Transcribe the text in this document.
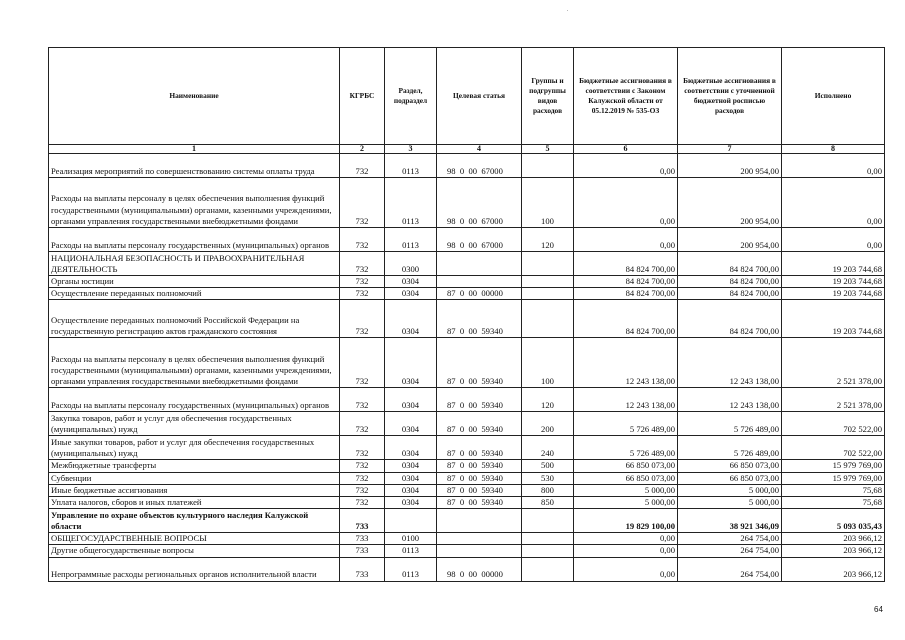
Наименование	КГРБС	Раздел, подраздел	Целевая статья	Группы и подгруппы видов расходов	Бюджетные ассигнования в соответствии с Законом Калужской области от 05.12.2019 № 535-ОЗ	Бюджетные ассигнования в соответствии с уточненной бюджетной росписью расходов	Исполнено
1	2	3	4	5	6	7	8
Реализация мероприятий по совершенствованию системы оплаты труда	732	0113	98  0  00  67000		0,00	200 954,00	0,00
Расходы на выплаты персоналу в целях обеспечения выполнения функций государственными (муниципальными) органами, казенными учреждениями, органами управления государственными внебюджетными фондами	732	0113	98  0  00  67000	100	0,00	200 954,00	0,00
Расходы на выплаты персоналу государственных (муниципальных) органов	732	0113	98  0  00  67000	120	0,00	200 954,00	0,00
НАЦИОНАЛЬНАЯ БЕЗОПАСНОСТЬ И ПРАВООХРАНИТЕЛЬНАЯ ДЕЯТЕЛЬНОСТЬ	732	0300			84 824 700,00	84 824 700,00	19 203 744,68
Органы юстиции	732	0304			84 824 700,00	84 824 700,00	19 203 744,68
Осуществление переданных полномочий	732	0304	87  0  00  00000		84 824 700,00	84 824 700,00	19 203 744,68
Осуществление переданных полномочий Российской Федерации на государственную регистрацию актов гражданского состояния	732	0304	87  0  00  59340		84 824 700,00	84 824 700,00	19 203 744,68
Расходы на выплаты персоналу в целях обеспечения выполнения функций государственными (муниципальными) органами, казенными учреждениями, органами управления государственными внебюджетными фондами	732	0304	87  0  00  59340	100	12 243 138,00	12 243 138,00	2 521 378,00
Расходы на выплаты персоналу государственных (муниципальных) органов	732	0304	87  0  00  59340	120	12 243 138,00	12 243 138,00	2 521 378,00
Закупка товаров, работ и услуг для обеспечения государственных (муниципальных) нужд	732	0304	87  0  00  59340	200	5 726 489,00	5 726 489,00	702 522,00
Иные закупки товаров, работ и услуг для обеспечения государственных (муниципальных) нужд	732	0304	87  0  00  59340	240	5 726 489,00	5 726 489,00	702 522,00
Межбюджетные трансферты	732	0304	87  0  00  59340	500	66 850 073,00	66 850 073,00	15 979 769,00
Субвенции	732	0304	87  0  00  59340	530	66 850 073,00	66 850 073,00	15 979 769,00
Иные бюджетные ассигнования	732	0304	87  0  00  59340	800	5 000,00	5 000,00	75,68
Уплата налогов, сборов и иных платежей	732	0304	87  0  00  59340	850	5 000,00	5 000,00	75,68
Управление по охране объектов культурного наследия Калужской области	733				19 829 100,00	38 921 346,09	5 093 035,43
ОБЩЕГОСУДАРСТВЕННЫЕ ВОПРОСЫ	733	0100			0,00	264 754,00	203 966,12
Другие общегосударственные вопросы	733	0113			0,00	264 754,00	203 966,12
Непрограммные расходы региональных органов исполнительной власти	733	0113	98  0  00  00000		0,00	264 754,00	203 966,12
64
